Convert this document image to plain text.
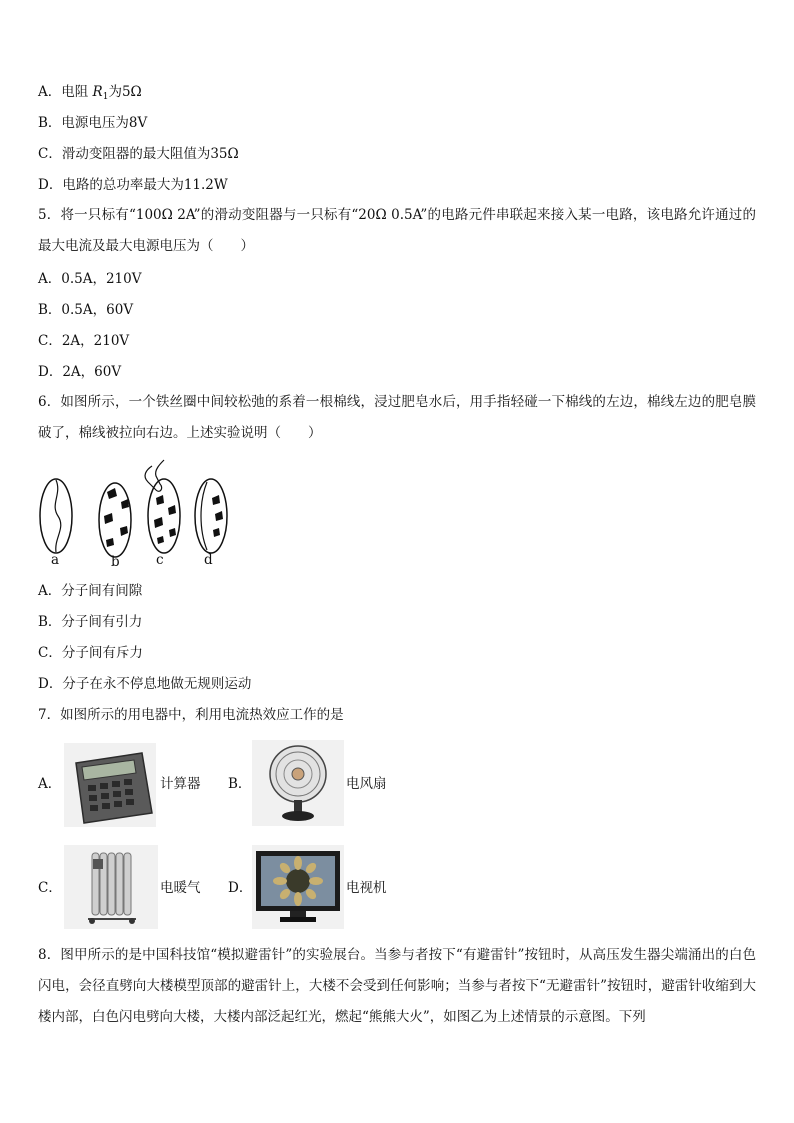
A．电阻 $R_1$为5Ω
B．电源电压为8V
C．滑动变阻器的最大阻值为35Ω
D．电路的总功率最大为11.2W
5．将一只标有“100Ω 2A”的滑动变阻器与一只标有“20Ω 0.5A”的电路元件串联起来接入某一电路，该电路允许通过的最大电流及最大电源电压为（　　）
A．0.5A，210V
B．0.5A，60V
C．2A，210V
D．2A，60V
6．如图所示，一个铁丝圈中间较松弛的系着一根棉线，浸过肥皂水后，用手指轻碰一下棉线的左边，棉线左边的肥皂膜破了，棉线被拉向右边。上述实验说明（　　）
a	b	c	d
A．分子间有间隙
B．分子间有引力
C．分子间有斥力
D．分子在永不停息地做无规则运动
7．如图所示的用电器中，利用电流热效应工作的是
A．	计算器 B．	电风扇
C．	电暖气 D．	电视机
8．图甲所示的是中国科技馆“模拟避雷针”的实验展台。当参与者按下“有避雷针”按钮时，从高压发生器尖端涌出的白色闪电，会径直劈向大楼模型顶部的避雷针上，大楼不会受到任何影响；当参与者按下“无避雷针”按钮时，避雷针收缩到大楼内部，白色闪电劈向大楼，大楼内部泛起红光，燃起“熊熊大火”，如图乙为上述情景的示意图。下列
